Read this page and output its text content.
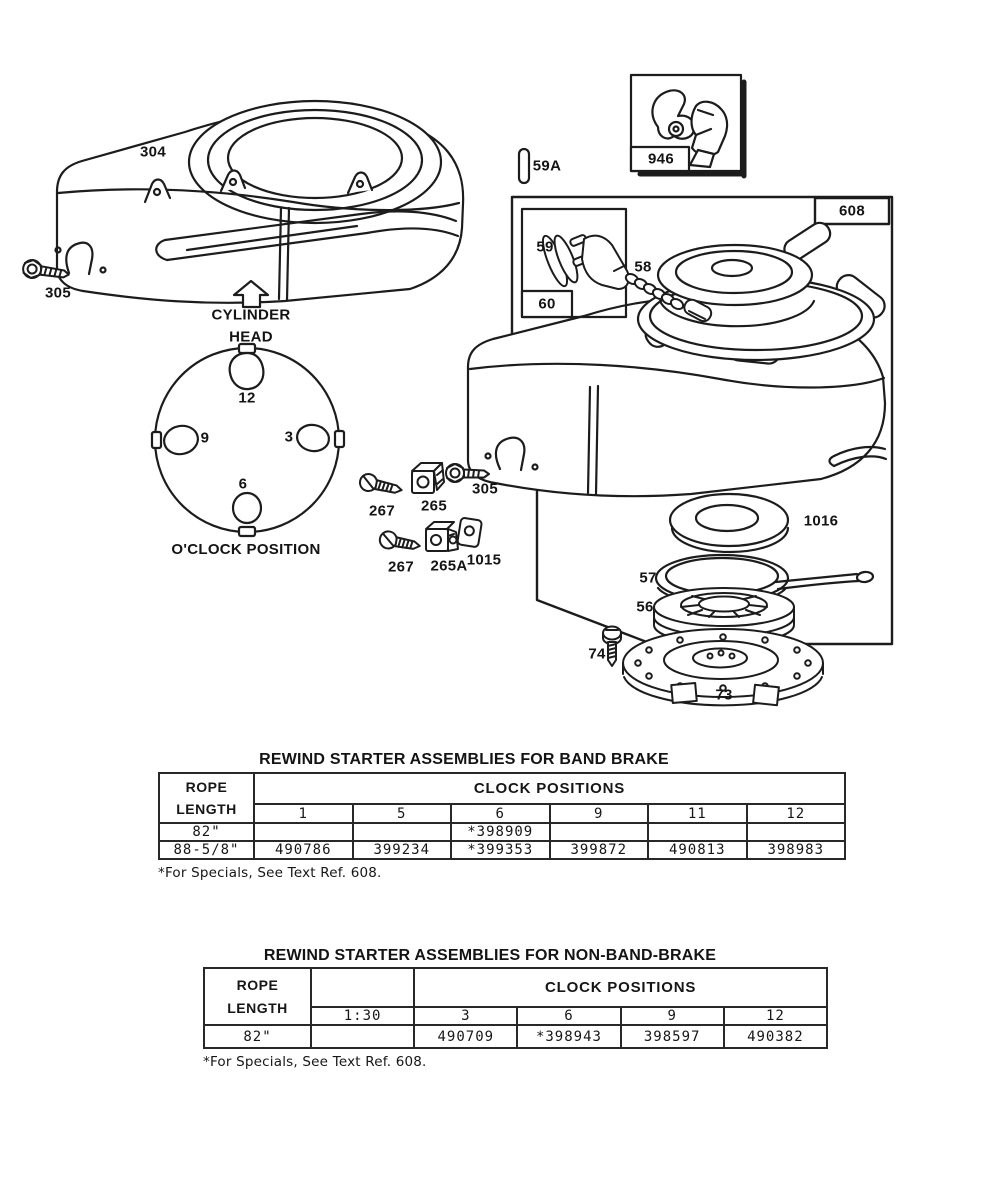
304
305
CYLINDER HEAD
12
9	3
6
O'CLOCK POSITION
59A	946
608
59
60
58
305
267 265
267 265A 1015
1016
57
56
74
73
REWIND STARTER ASSEMBLIES FOR BAND BRAKE
ROPE LENGTH	CLOCK POSITIONS					
	1	5	6	9	11	12
82"			*398909			
88-5/8"	490786	399234	*399353	399872	490813	398983
*For Specials, See Text Ref. 608.
REWIND STARTER ASSEMBLIES FOR NON-BAND-BRAKE
ROPE LENGTH		CLOCK POSITIONS			
	1:30	3	6	9	12
82"		490709	*398943	398597	490382
*For Specials, See Text Ref. 608.
